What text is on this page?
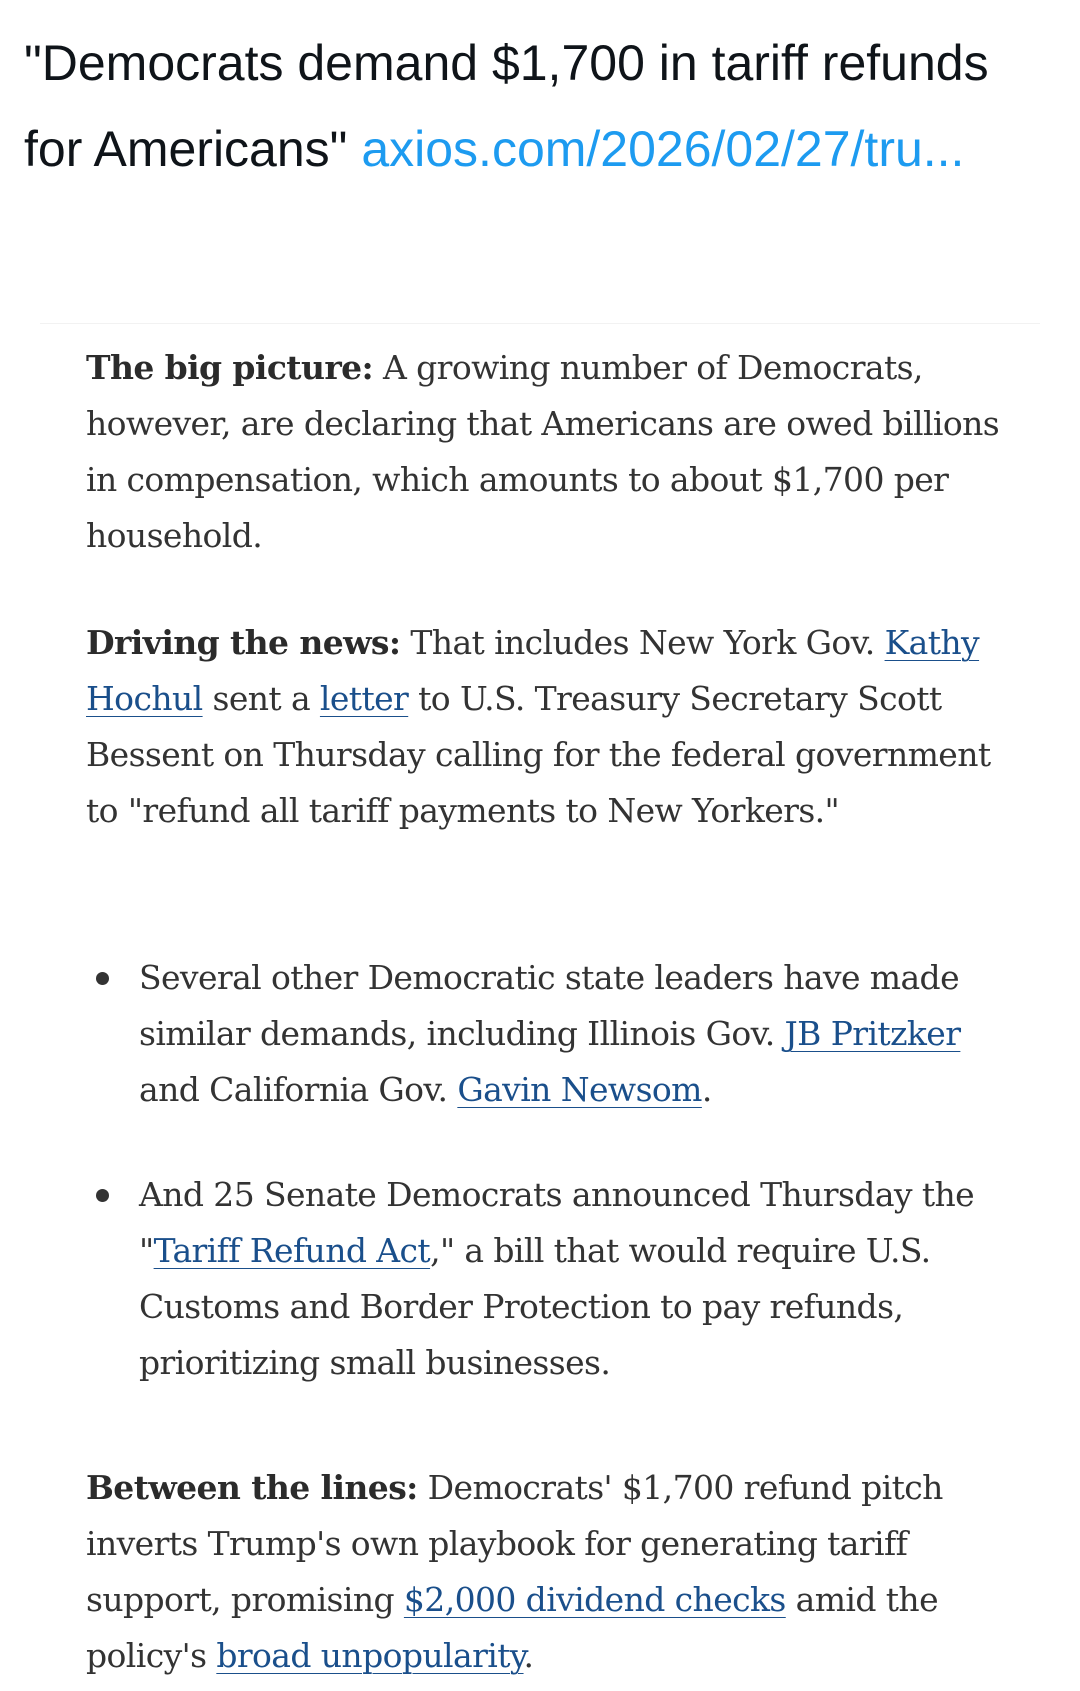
"Democrats demand $1,700 in tariff refunds for Americans" axios.com/2026/02/27/tru...

The big picture: A growing number of Democrats, however, are declaring that Americans are owed billions in compensation, which amounts to about $1,700 per household.

Driving the news: That includes New York Gov. Kathy Hochul sent a letter to U.S. Treasury Secretary Scott Bessent on Thursday calling for the federal government to "refund all tariff payments to New Yorkers."

Several other Democratic state leaders have made similar demands, including Illinois Gov. JB Pritzker and California Gov. Gavin Newsom.
And 25 Senate Democrats announced Thursday the "Tariff Refund Act," a bill that would require U.S. Customs and Border Protection to pay refunds, prioritizing small businesses.

Between the lines: Democrats' $1,700 refund pitch inverts Trump's own playbook for generating tariff support, promising $2,000 dividend checks amid the policy's broad unpopularity.
